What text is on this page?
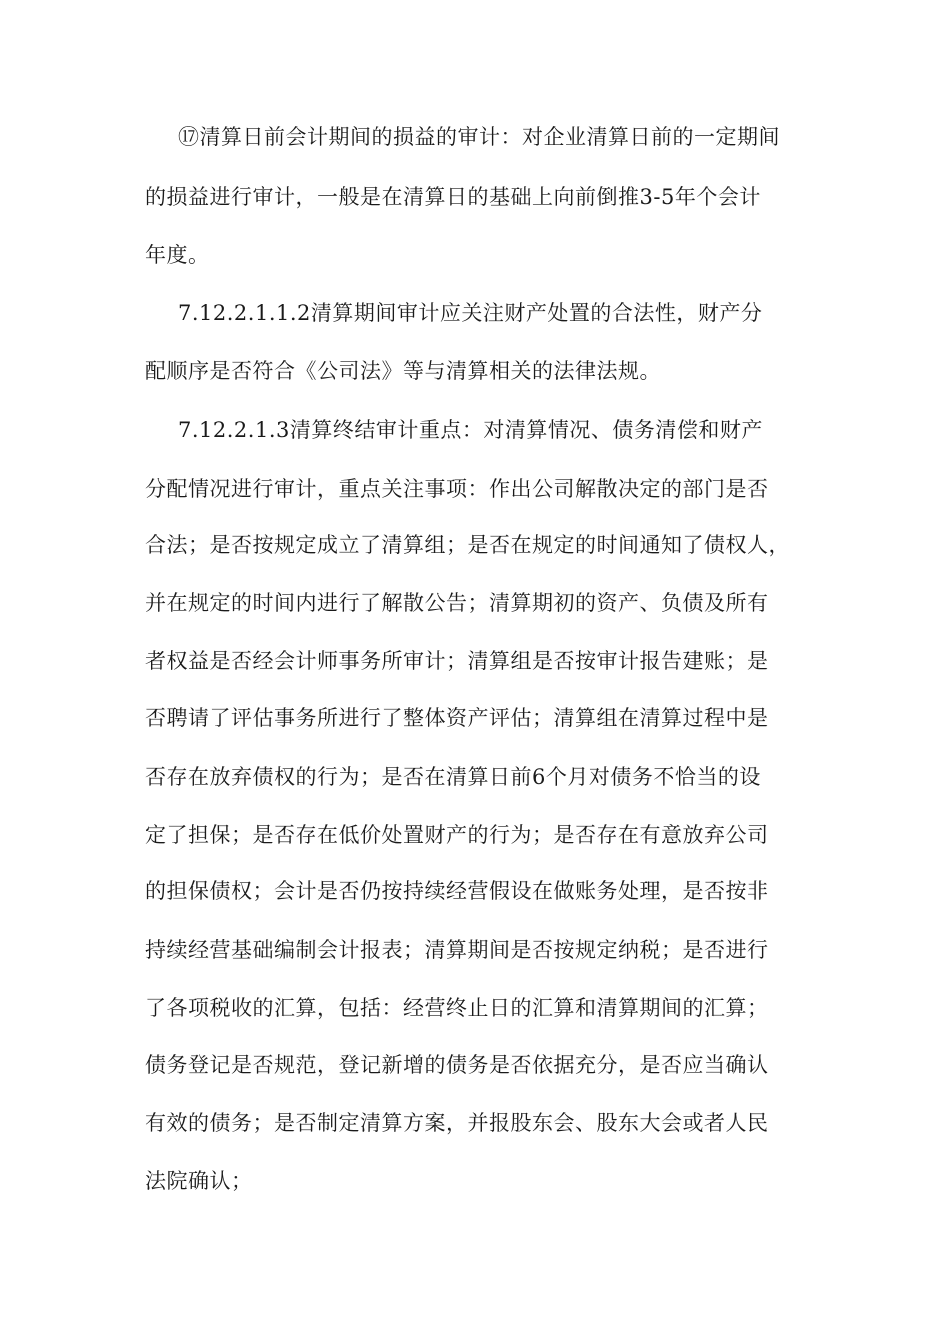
⑰清算日前会计期间的损益的审计：对企业清算日前的一定期间
的损益进行审计，一般是在清算日的基础上向前倒推3-5年个会计
年度。
7.12.2.1.1.2清算期间审计应关注财产处置的合法性，财产分
配顺序是否符合《公司法》等与清算相关的法律法规。
7.12.2.1.3清算终结审计重点：对清算情况、债务清偿和财产
分配情况进行审计，重点关注事项：作出公司解散决定的部门是否
合法；是否按规定成立了清算组；是否在规定的时间通知了债权人，
并在规定的时间内进行了解散公告；清算期初的资产、负债及所有
者权益是否经会计师事务所审计；清算组是否按审计报告建账；是
否聘请了评估事务所进行了整体资产评估；清算组在清算过程中是
否存在放弃债权的行为；是否在清算日前6个月对债务不恰当的设
定了担保；是否存在低价处置财产的行为；是否存在有意放弃公司
的担保债权；会计是否仍按持续经营假设在做账务处理，是否按非
持续经营基础编制会计报表；清算期间是否按规定纳税；是否进行
了各项税收的汇算，包括：经营终止日的汇算和清算期间的汇算；
债务登记是否规范，登记新增的债务是否依据充分，是否应当确认
有效的债务；是否制定清算方案，并报股东会、股东大会或者人民
法院确认；
